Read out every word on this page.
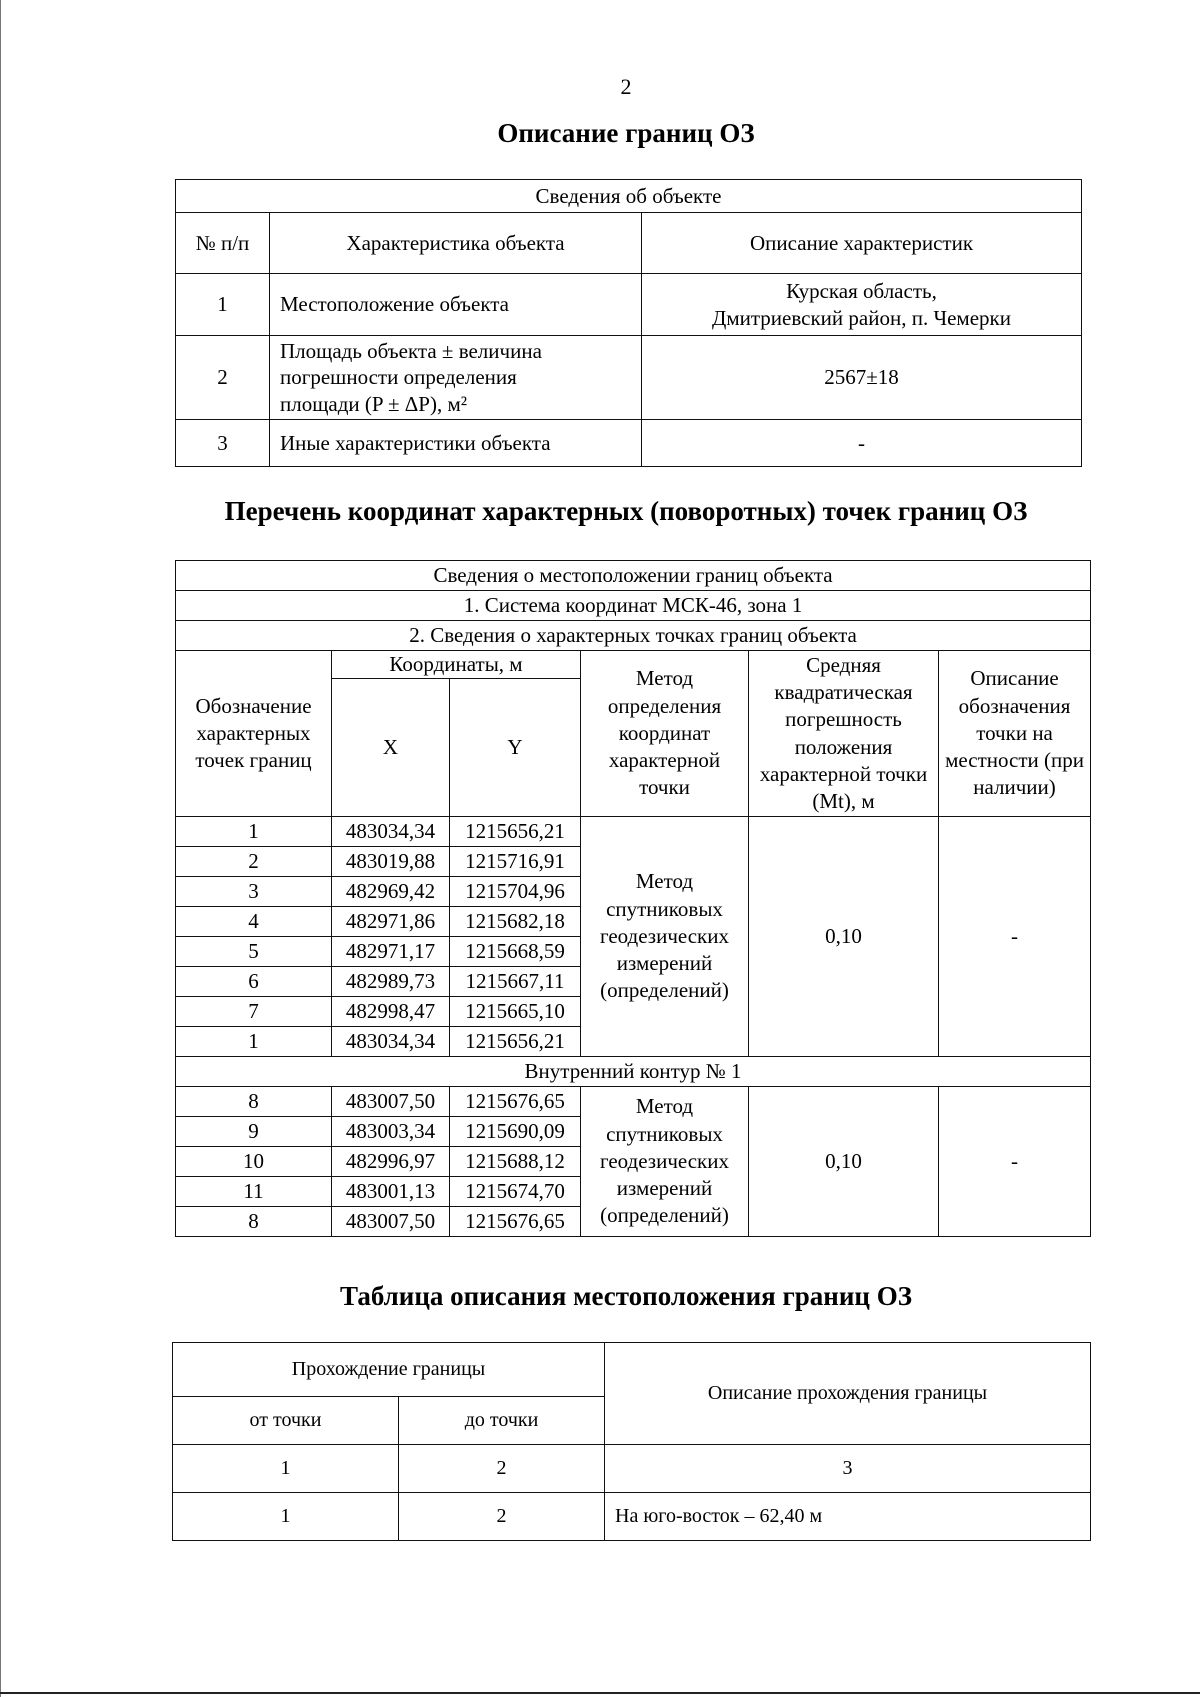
2
Описание границ ОЗ
Сведения об объекте		
№ п/п	Характеристика объекта	Описание характеристик
1	Местоположение объекта	Курская область,
Дмитриевский район, п. Чемерки

2	Площадь объекта ± величина
погрешности определения
площади (P ± ΔP), м²	2567±18
3	Иные характеристики объекта	-
Перечень координат характерных (поворотных) точек границ ОЗ
Сведения о местоположении границ объекта					
1. Система координат МСК-46, зона 1					
2. Сведения о характерных точках границ объекта					
Обозначение характерных точек границ	Координаты, м		Метод определения координат характерной точки	Средняя квадратическая погрешность положения характерной точки (Mt), м	Описание обозначения точки на местности (при наличии)
	X	Y			
1	483034,34	1215656,21	Метод спутниковых геодезических измерений (определений)	0,10	-
2	483019,88	1215716,91			
3	482969,42	1215704,96			
4	482971,86	1215682,18			
5	482971,17	1215668,59			
6	482989,73	1215667,11			
7	482998,47	1215665,10			
1	483034,34	1215656,21			
Внутренний контур № 1					
8	483007,50	1215676,65	Метод спутниковых геодезических измерений (определений)	0,10	-
9	483003,34	1215690,09			
10	482996,97	1215688,12			
11	483001,13	1215674,70			
8	483007,50	1215676,65			
Таблица описания местоположения границ ОЗ
Прохождение границы		Описание прохождения границы
от точки	до точки	
1	2	3
1	2	На юго-восток – 62,40 м
